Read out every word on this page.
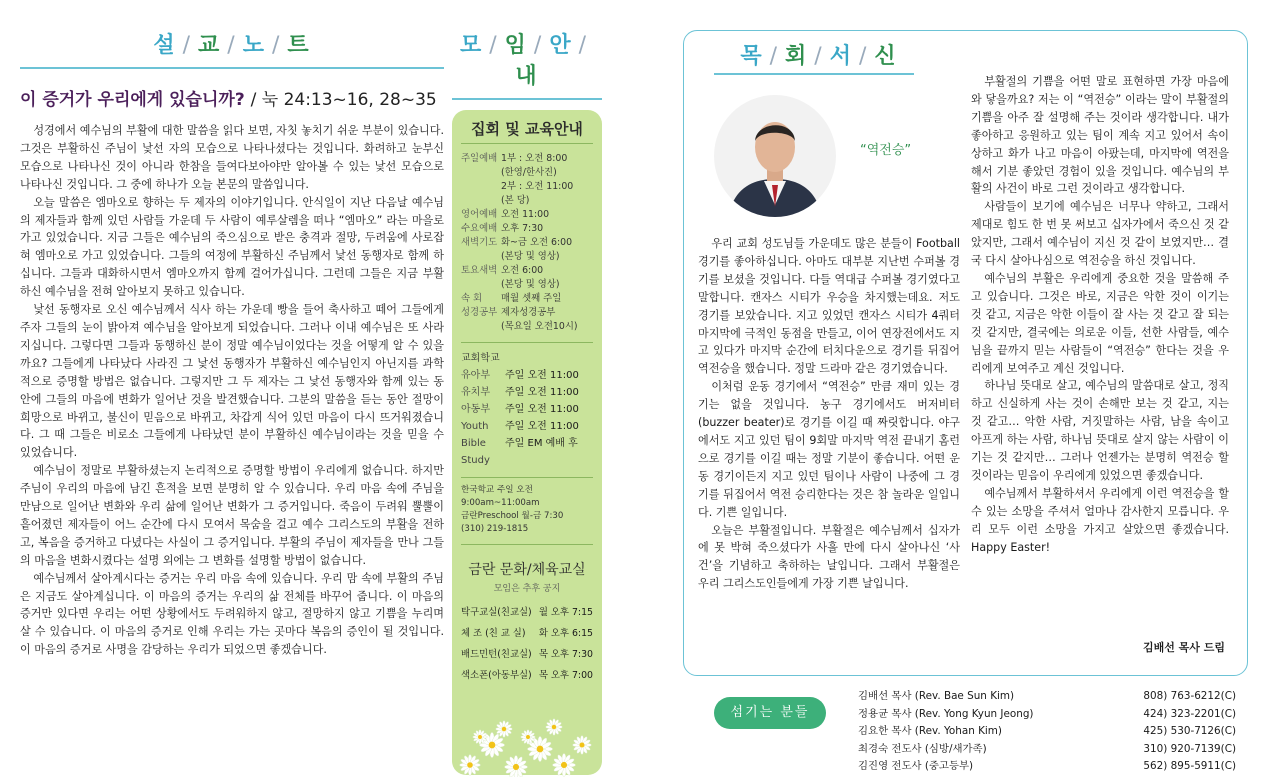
설 / 교 / 노 / 트
이 증거가 우리에게 있습니까? / 눅 24:13~16, 28~35

성경에서 예수님의 부활에 대한 말씀을 읽다 보면, 자칫 놓치기 쉬운 부분이 있습니다. 그것은 부활하신 주님이 낯선 자의 모습으로 나타나셨다는 것입니다. 화려하고 눈부신 모습으로 나타나신 것이 아니라 한참을 들여다보아야만 알아볼 수 있는 낯선 모습으로 나타나신 것입니다. 그 중에 하나가 오늘 본문의 말씀입니다.

오늘 말씀은 엠마오로 향하는 두 제자의 이야기입니다. 안식일이 지난 다음날 예수님의 제자들과 함께 있던 사람들 가운데 두 사람이 예루살렘을 떠나 “엠마오” 라는 마을로 가고 있었습니다. 지금 그들은 예수님의 죽으심으로 받은 충격과 절망, 두려움에 사로잡혀 엠마오로 가고 있었습니다. 그들의 여정에 부활하신 주님께서 낯선 동행자로 함께 하십니다. 그들과 대화하시면서 엠마오까지 함께 걸어가십니다. 그런데 그들은 지금 부활하신 예수님을 전혀 알아보지 못하고 있습니다.

낯선 동행자로 오신 예수님께서 식사 하는 가운데 빵을 들어 축사하고 떼어 그들에게 주자 그들의 눈이 밝아져 예수님을 알아보게 되었습니다. 그러나 이내 예수님은 또 사라지십니다. 그렇다면 그들과 동행하신 분이 정말 예수님이었다는 것을 어떻게 알 수 있을까요? 그들에게 나타났다 사라진 그 낯선 동행자가 부활하신 예수님인지 아닌지를 과학적으로 증명할 방법은 없습니다. 그렇지만 그 두 제자는 그 낯선 동행자와 함께 있는 동안에 그들의 마음에 변화가 일어난 것을 발견했습니다. 그분의 말씀을 듣는 동안 절망이 희망으로 바뀌고, 불신이 믿음으로 바뀌고, 차갑게 식어 있던 마음이 다시 뜨거워졌습니다. 그 때 그들은 비로소 그들에게 나타났던 분이 부활하신 예수님이라는 것을 믿을 수 있었습니다.

예수님이 정말로 부활하셨는지 논리적으로 증명할 방법이 우리에게 없습니다. 하지만 주님이 우리의 마음에 남긴 흔적을 보면 분명히 알 수 있습니다. 우리 마음 속에 주님을 만남으로 일어난 변화와 우리 삶에 일어난 변화가 그 증거입니다. 죽음이 두려워 뿔뿔이 흩어졌던 제자들이 어느 순간에 다시 모여서 목숨을 걸고 예수 그리스도의 부활을 전하고, 복음을 증거하고 다녔다는 사실이 그 증거입니다. 부활의 주님이 제자들을 만나 그들의 마음을 변화시켰다는 설명 외에는 그 변화를 설명할 방법이 없습니다.

예수님께서 살아계시다는 증거는 우리 마음 속에 있습니다. 우리 맘 속에 부활의 주님은 지금도 살아계십니다. 이 마음의 증거는 우리의 삶 전체를 바꾸어 줍니다. 이 마음의 증거만 있다면 우리는 어떤 상황에서도 두려워하지 않고, 절망하지 않고 기쁨을 누리며 살 수 있습니다. 이 마음의 증거로 인해 우리는 가는 곳마다 복음의 증인이 될 것입니다. 이 마음의 증거로 사명을 감당하는 우리가 되었으면 좋겠습니다.

모 / 임 / 안 /내
집회 및 교육안내
주일예배 1부 : 오전 8:00
(한영/한사진)
2부 : 오전 11:00
(본 당)
영어예배 오전 11:00
수요예배 오후 7:30
새벽기도 화~금 오전 6:00
(본당 및 영상)
토요새벽 오전 6:00
(본당 및 영상)
속 회	매월 셋째 주일
성경공부 제자성경공부
(목요일 오전10시)
교회학교
유아부	주일 오전 11:00
유치부	주일 오전 11:00
아동부	주일 오전 11:00
Youth	주일 오전 11:00
Bible Study
주일 EM 예배 후
한국학교 주일 오전 9:00am~11:00am
금란Preschool 월-금 7:30
(310) 219-1815
금란 문화/체육교실
모임은 추후 공지
탁구교실(친교실) 월 오후 7:15
체 조 (친 교 실) 화 오후 6:15
배드민턴(친교실) 목 오후 7:30
색소폰(아동부실) 목 오후 7:00
목 / 회 / 서 / 신
“역전승”

우리 교회 성도님들 가운데도 많은 분들이 Football 경기를 좋아하십니다. 아마도 대부분 지난번 수퍼볼 경기를 보셨을 것입니다. 다들 역대급 수퍼볼 경기였다고 말합니다. 캔자스 시티가 우승을 차지했는데요. 저도 경기를 보았습니다. 지고 있었던 캔자스 시티가 4쿼터 마지막에 극적인 동점을 만들고, 이어 연장전에서도 지고 있다가 마지막 순간에 터치다운으로 경기를 뒤집어 역전승을 했습니다. 정말 드라마 같은 경기였습니다.

이처럼 운동 경기에서 “역전승” 만큼 재미 있는 경기는 없을 것입니다. 농구 경기에서도 버저비터(buzzer beater)로 경기를 이길 때 짜릿합니다. 야구에서도 지고 있던 팀이 9회말 마지막 역전 끝내기 홈런으로 경기를 이길 때는 정말 기분이 좋습니다. 어떤 운동 경기이든지 지고 있던 팀이나 사람이 나중에 그 경기를 뒤집어서 역전 승리한다는 것은 참 놀라운 일입니다. 기쁜 일입니다.

오늘은 부활절입니다. 부활절은 예수님께서 십자가에 못 박혀 죽으셨다가 사흘 만에 다시 살아나신 ‘사건’을 기념하고 축하하는 날입니다. 그래서 부활절은 우리 그리스도인들에게 가장 기쁜 날입니다.

부활절의 기쁨을 어떤 말로 표현하면 가장 마음에 와 닿을까요? 저는 이 “역전승” 이라는 말이 부활절의 기쁨을 아주 잘 설명해 주는 것이라 생각합니다. 내가 좋아하고 응원하고 있는 팀이 계속 지고 있어서 속이 상하고 화가 나고 마음이 아팠는데, 마지막에 역전을 해서 기분 좋았던 경험이 있을 것입니다. 예수님의 부활의 사건이 바로 그런 것이라고 생각합니다.

사람들이 보기에 예수님은 너무나 약하고, 그래서 제대로 힘도 한 번 못 써보고 십자가에서 죽으신 것 같았지만, 그래서 예수님이 지신 것 같이 보였지만… 결국 다시 살아나심으로 역전승을 하신 것입니다.

예수님의 부활은 우리에게 중요한 것을 말씀해 주고 있습니다. 그것은 바로, 지금은 악한 것이 이기는 것 같고, 지금은 악한 이들이 잘 사는 것 같고 잘 되는 것 같지만, 결국에는 의로운 이들, 선한 사람들, 예수님을 끝까지 믿는 사람들이 “역전승” 한다는 것을 우리에게 보여주고 계신 것입니다.

하나님 뜻대로 살고, 예수님의 말씀대로 살고, 정직하고 신실하게 사는 것이 손해만 보는 것 같고, 지는 것 같고… 악한 사람, 거짓말하는 사람, 남을 속이고 아프게 하는 사람, 하나님 뜻대로 살지 않는 사람이 이기는 것 같지만… 그러나 언젠가는 분명히 역전승 할 것이라는 믿음이 우리에게 있었으면 좋겠습니다.

예수님께서 부활하셔서 우리에게 이런 역전승을 할 수 있는 소망을 주셔서 얼마나 감사한지 모릅니다. 우리 모두 이런 소망을 가지고 살았으면 좋겠습니다. Happy Easter!

김배선 목사 드림
섬기는 분들
김배선 목사 (Rev. Bae Sun Kim)	808) 763-6212(C)
정용균 목사 (Rev. Yong Kyun Jeong)	424) 323-2201(C)
김요한 목사 (Rev. Yohan Kim)	425) 530-7126(C)
최경숙 전도사 (심방/새가족)	310) 920-7139(C)
김진영 전도사 (중고등부)	562) 895-5911(C)
